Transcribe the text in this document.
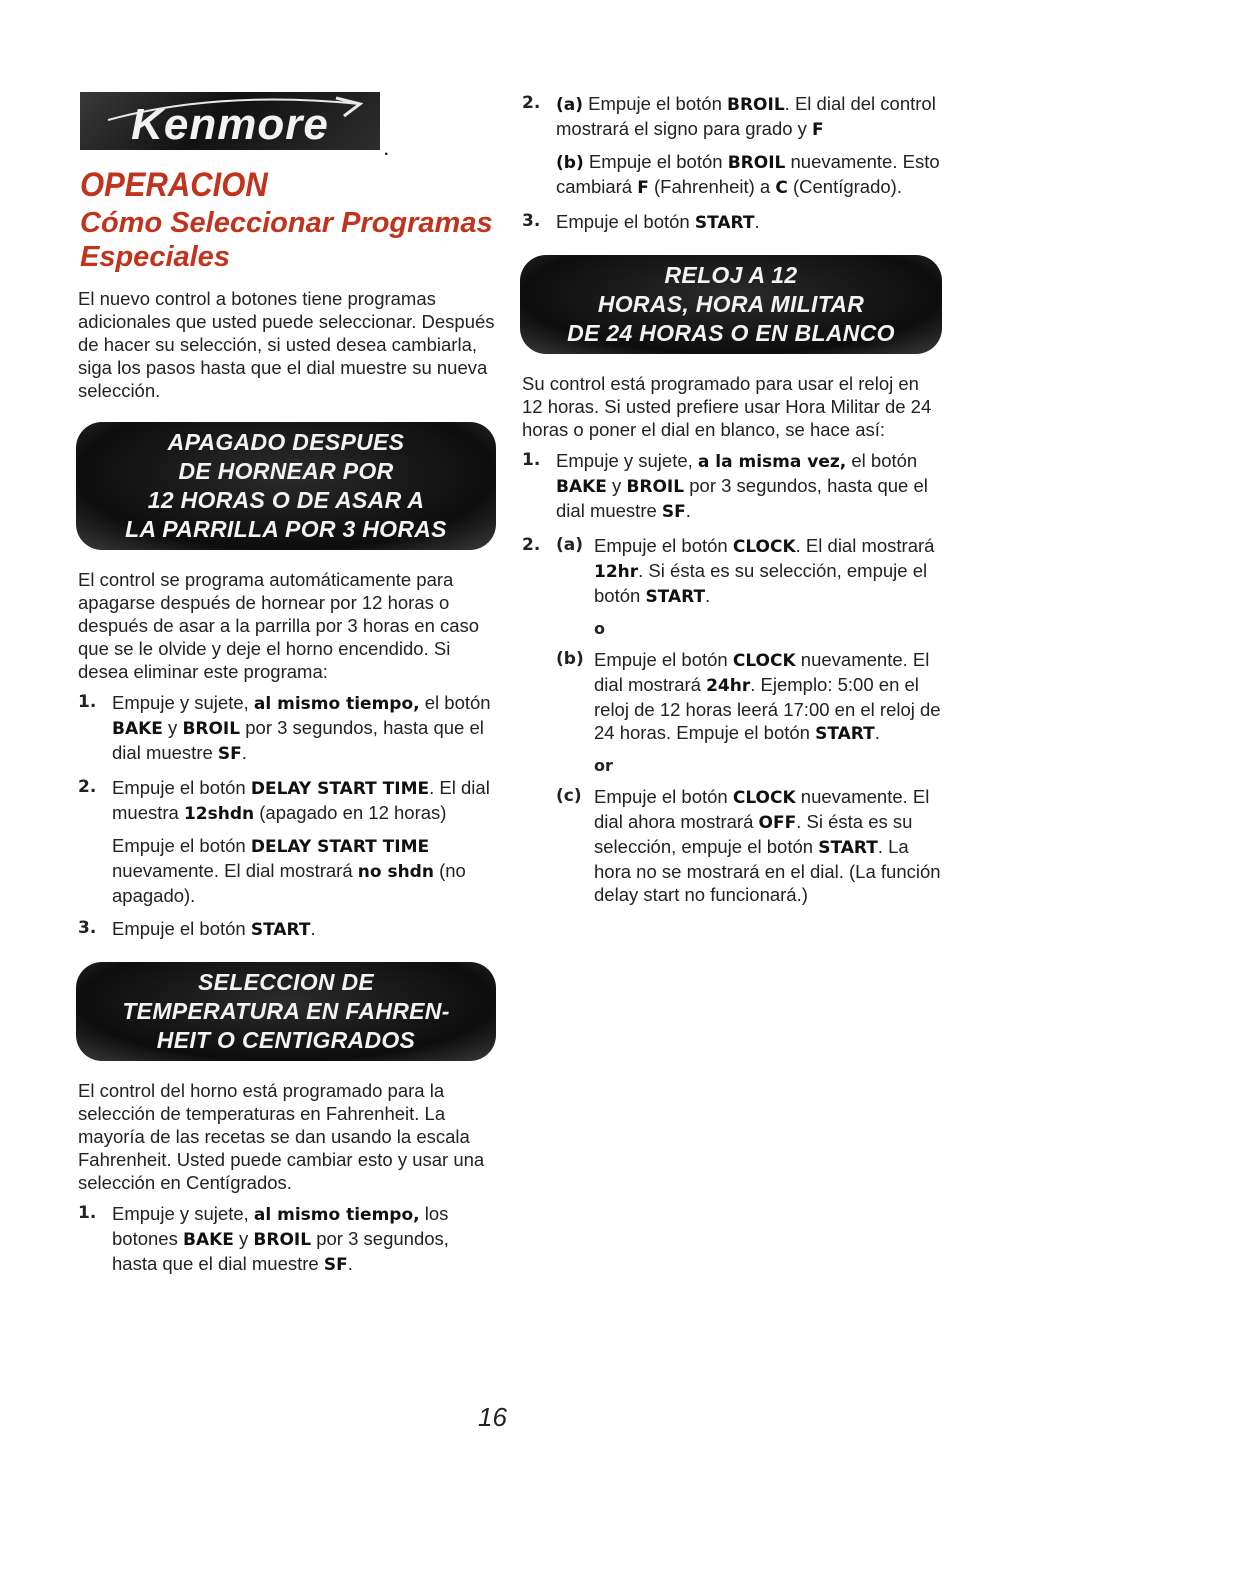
Kenmore
.
OPERACION
Cómo Seleccionar Programas Especiales

El nuevo control a botones tiene programas adicionales que usted puede seleccionar. Después de hacer su selección, si usted desea cambiarla, siga los pasos hasta que el dial muestre su nueva selección.

APAGADO DESPUES
DE HORNEAR POR
12 HORAS O DE ASAR A
LA PARRILLA POR 3 HORAS

El control se programa automáticamente para apagarse después de hornear por 12 horas o después de asar a la parrilla por 3 horas en caso que se le olvide y deje el horno encendido. Si desea eliminar este programa:

1. Empuje y sujete, al mismo tiempo, el botón BAKE y BROIL por 3 segundos, hasta que el dial muestre SF.
2. Empuje el botón DELAY START TIME. El dial muestra 12shdn (apagado en 12 horas)
Empuje el botón DELAY START TIME nuevamente. El dial mostrará no shdn (no apagado).
3. Empuje el botón START.
SELECCION DE
TEMPERATURA EN FAHREN-
HEIT O CENTIGRADOS

El control del horno está programado para la selección de temperaturas en Fahrenheit. La mayoría de las recetas se dan usando la escala Fahrenheit. Usted puede cambiar esto y usar una selección en Centígrados.

1. Empuje y sujete, al mismo tiempo, los botones BAKE y BROIL por 3 segundos, hasta que el dial muestre SF.
2. (a) Empuje el botón BROIL. El dial del control mostrará el signo para grado y F
(b) Empuje el botón BROIL nuevamente. Esto cambiará F (Fahrenheit) a C (Centígrado).
3. Empuje el botón START.
RELOJ A 12
HORAS, HORA MILITAR
DE 24 HORAS O EN BLANCO

Su control está programado para usar el reloj en 12 horas. Si usted prefiere usar Hora Militar de 24 horas o poner el dial en blanco, se hace así:

1. Empuje y sujete, a la misma vez, el botón BAKE y BROIL por 3 segundos, hasta que el dial muestre SF.
2. (a) Empuje el botón CLOCK. El dial mostrará 12hr. Si ésta es su selección, empuje el botón START.
o
(b) Empuje el botón CLOCK nuevamente. El dial mostrará 24hr. Ejemplo: 5:00 en el reloj de 12 horas leerá 17:00 en el reloj de 24 horas. Empuje el botón START.
or
(c) Empuje el botón CLOCK nuevamente. El dial ahora mostrará OFF. Si ésta es su selección, empuje el botón START. La hora no se mostrará en el dial. (La función delay start no funcionará.)
16
